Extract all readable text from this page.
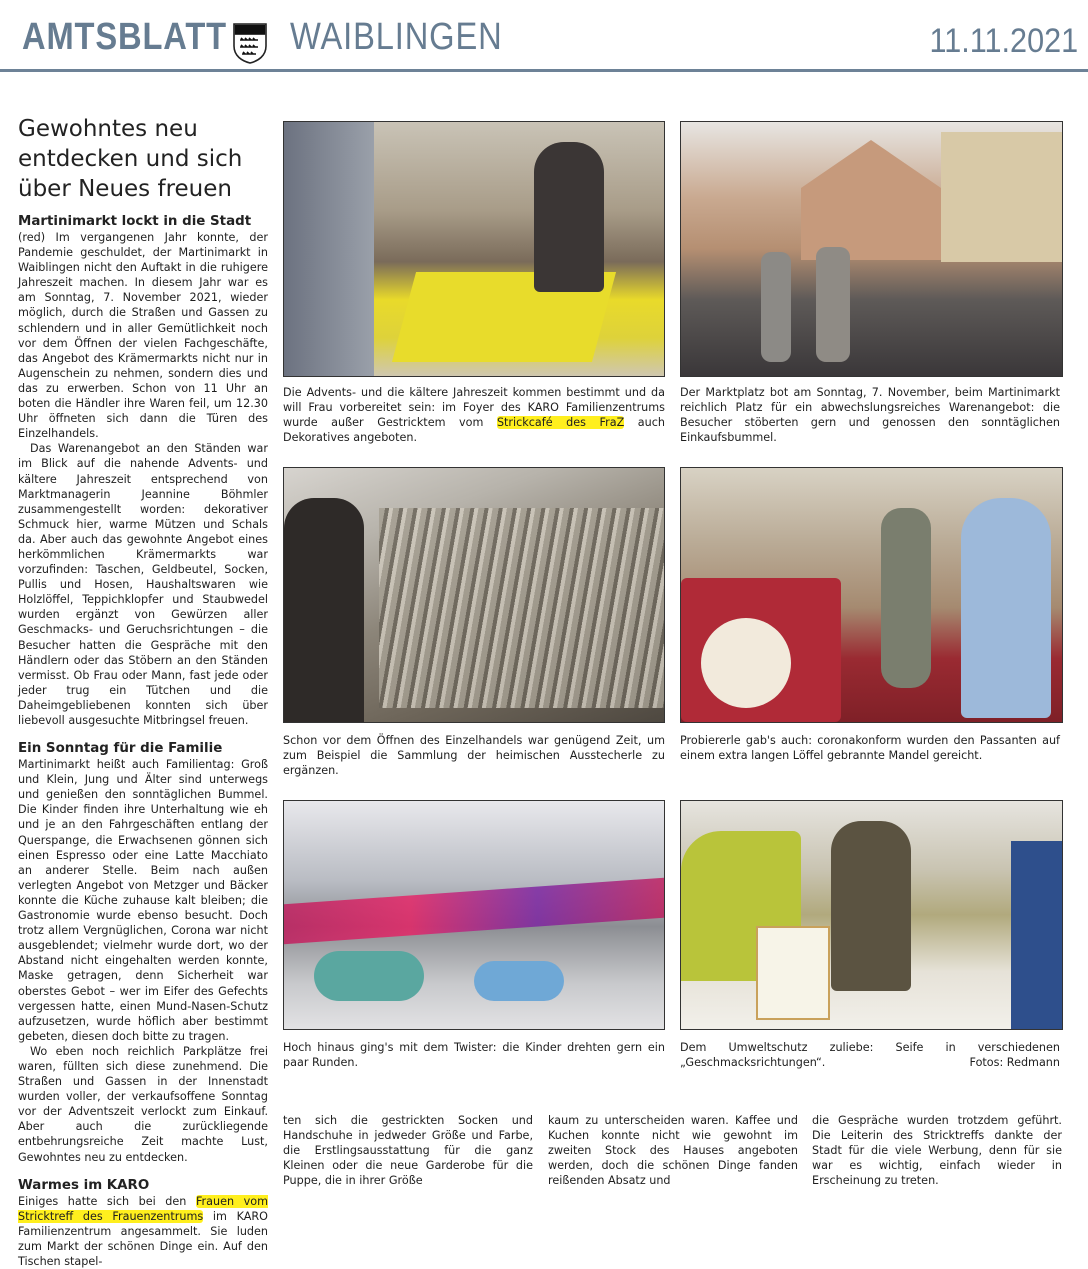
AMTSBLATT WAIBLINGEN	11.11.2021
Gewohntes neu entdecken und sich über Neues freuen
Martinimarkt lockt in die Stadt

(red) Im vergangenen Jahr konnte, der Pandemie geschuldet, der Martinimarkt in Waiblingen nicht den Auftakt in die ruhigere Jahreszeit machen. In diesem Jahr war es am Sonntag, 7. November 2021, wieder möglich, durch die Straßen und Gassen zu schlendern und in aller Gemütlichkeit noch vor dem Öffnen der vielen Fachgeschäfte, das Angebot des Krämermarkts nicht nur in Augenschein zu nehmen, sondern dies und das zu erwerben. Schon von 11 Uhr an boten die Händler ihre Waren feil, um 12.30 Uhr öffneten sich dann die Türen des Einzelhandels.

Das Warenangebot an den Ständen war im Blick auf die nahende Advents- und kältere Jahreszeit entsprechend von Marktmanagerin Jeannine Böhmler zusammengestellt worden: dekorativer Schmuck hier, warme Mützen und Schals da. Aber auch das gewohnte Angebot eines herkömmlichen Krämermarkts war vorzufinden: Taschen, Geldbeutel, Socken, Pullis und Hosen, Haushaltswaren wie Holzlöffel, Teppichklopfer und Staubwedel wurden ergänzt von Gewürzen aller Geschmacks- und Geruchsrichtungen – die Besucher hatten die Gespräche mit den Händlern oder das Stöbern an den Ständen vermisst. Ob Frau oder Mann, fast jede oder jeder trug ein Tütchen und die Daheimgebliebenen konnten sich über liebevoll ausgesuchte Mitbringsel freuen.

Ein Sonntag für die Familie

Martinimarkt heißt auch Familientag: Groß und Klein, Jung und Älter sind unterwegs und genießen den sonntäglichen Bummel. Die Kinder finden ihre Unterhaltung wie eh und je an den Fahrgeschäften entlang der Querspange, die Erwachsenen gönnen sich einen Espresso oder eine Latte Macchiato an anderer Stelle. Beim nach außen verlegten Angebot von Metzger und Bäcker konnte die Küche zuhause kalt bleiben; die Gastronomie wurde ebenso besucht. Doch trotz allem Vergnüglichen, Corona war nicht ausgeblendet; vielmehr wurde dort, wo der Abstand nicht eingehalten werden konnte, Maske getragen, denn Sicherheit war oberstes Gebot – wer im Eifer des Gefechts vergessen hatte, einen Mund-Nasen-Schutz aufzusetzen, wurde höflich aber bestimmt gebeten, diesen doch bitte zu tragen.

Wo eben noch reichlich Parkplätze frei waren, füllten sich diese zunehmend. Die Straßen und Gassen in der Innenstadt wurden voller, der verkaufsoffene Sonntag vor der Adventszeit verlockt zum Einkauf. Aber auch die zurückliegende entbehrungsreiche Zeit machte Lust, Gewohntes neu zu entdecken.

Warmes im KARO

Einiges hatte sich bei den Frauen vom Stricktreff des Frauenzentrums im KARO Familienzentrum angesammelt. Sie luden zum Markt der schönen Dinge ein. Auf den Tischen stapel-

Die Advents- und die kältere Jahreszeit kommen bestimmt und da will Frau vorbereitet sein: im Foyer des KARO Familienzentrums wurde außer Gestricktem vom Strickcafé des FraZ auch Dekoratives angeboten.
Der Marktplatz bot am Sonntag, 7. November, beim Martinimarkt reichlich Platz für ein abwechslungsreiches Warenangebot: die Besucher stöberten gern und genossen den sonntäglichen Einkaufsbummel.
Schon vor dem Öffnen des Einzelhandels war genügend Zeit, um zum Beispiel die Sammlung der heimischen Ausstecherle zu ergänzen.
Probiererle gab's auch: coronakonform wurden den Passanten auf einem extra langen Löffel gebrannte Mandel gereicht.
Hoch hinaus ging's mit dem Twister: die Kinder drehten gern ein paar Runden.
Dem Umweltschutz zuliebe: Seife in verschiedenen „Geschmacksrichtungen“.	Fotos: Redmann
ten sich die gestrickten Socken und Handschuhe in jedweder Größe und Farbe, die Erstlingsausstattung für die ganz Kleinen oder die neue Garderobe für die Puppe, die in ihrer Größe
kaum zu unterscheiden waren. Kaffee und Kuchen konnte nicht wie gewohnt im zweiten Stock des Hauses angeboten werden, doch die schönen Dinge fanden reißenden Absatz und
die Gespräche wurden trotzdem geführt. Die Leiterin des Stricktreffs dankte der Stadt für die viele Werbung, denn für sie war es wichtig, einfach wieder in Erscheinung zu treten.
